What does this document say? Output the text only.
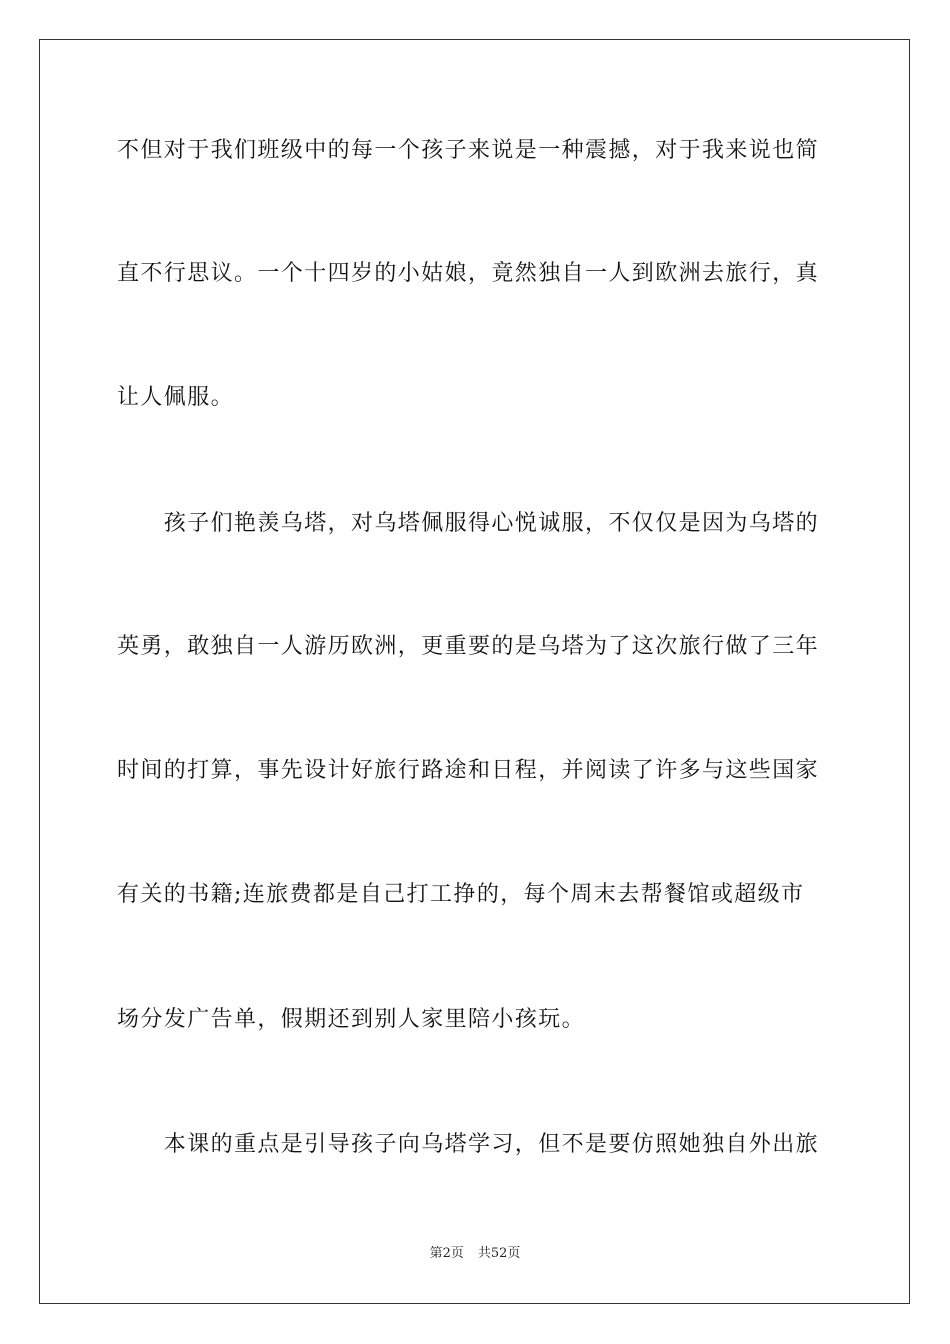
不但对于我们班级中的每一个孩子来说是一种震撼，对于我来说也简
直不行思议。一个十四岁的小姑娘，竟然独自一人到欧洲去旅行，真
让人佩服。
　　孩子们艳羡乌塔，对乌塔佩服得心悦诚服，不仅仅是因为乌塔的
英勇，敢独自一人游历欧洲，更重要的是乌塔为了这次旅行做了三年
时间的打算，事先设计好旅行路途和日程，并阅读了许多与这些国家
有关的书籍;连旅费都是自己打工挣的，每个周末去帮餐馆或超级市
场分发广告单，假期还到别人家里陪小孩玩。
　　本课的重点是引导孩子向乌塔学习，但不是要仿照她独自外出旅
第2页 共52页
